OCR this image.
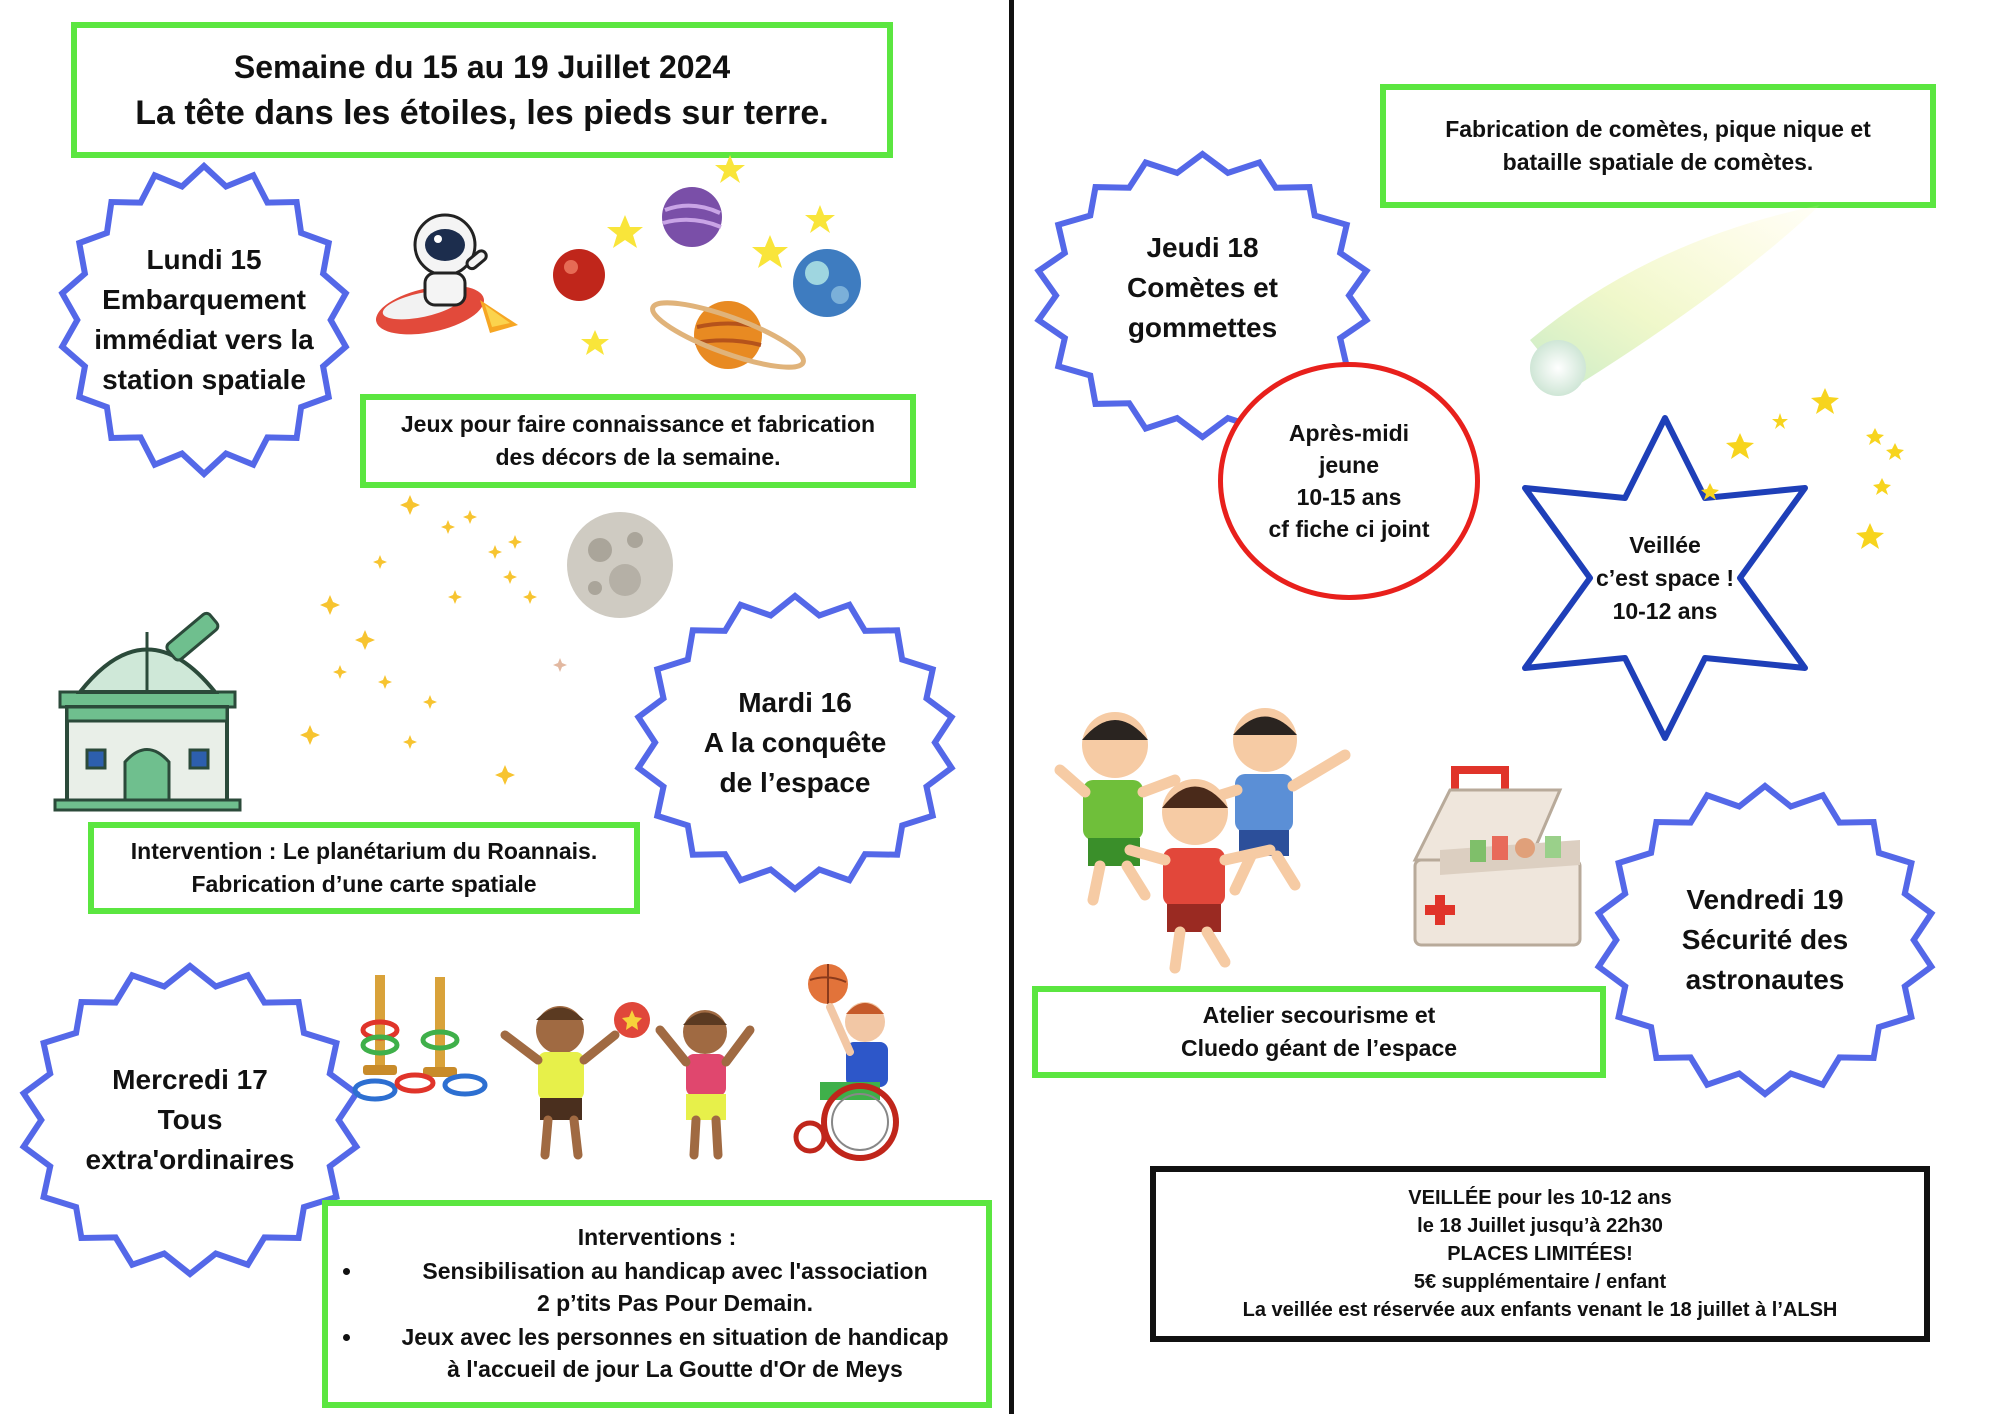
Semaine du 15 au 19 Juillet 2024
La tête dans les étoiles, les pieds sur terre.
Lundi 15
Embarquement
immédiat vers la
station spatiale
Jeux pour faire connaissance et fabrication
des décors de la semaine.
Mardi 16
A la conquête
de l’espace
Intervention : Le planétarium du Roannais.
Fabrication d’une carte spatiale
Mercredi 17
Tous
extra'ordinaires
Interventions :
• Sensibilisation au handicap avec l'association
2 p’tits Pas Pour Demain.
• Jeux avec les personnes en situation de handicap
à l'accueil de jour La Goutte d'Or de Meys
Jeudi 18
Comètes et
gommettes
Fabrication de comètes, pique nique et
bataille spatiale de comètes.
Après-midi
jeune
10-15 ans
cf fiche ci joint
Veillée
c’est space !
10-12 ans
Vendredi 19
Sécurité des
astronautes
Atelier secourisme et
Cluedo géant de l’espace
VEILLÉE pour les 10-12 ans
le 18 Juillet jusqu’à 22h30
PLACES LIMITÉES!
5€ supplémentaire / enfant
La veillée est réservée aux enfants venant le 18 juillet à l’ALSH
